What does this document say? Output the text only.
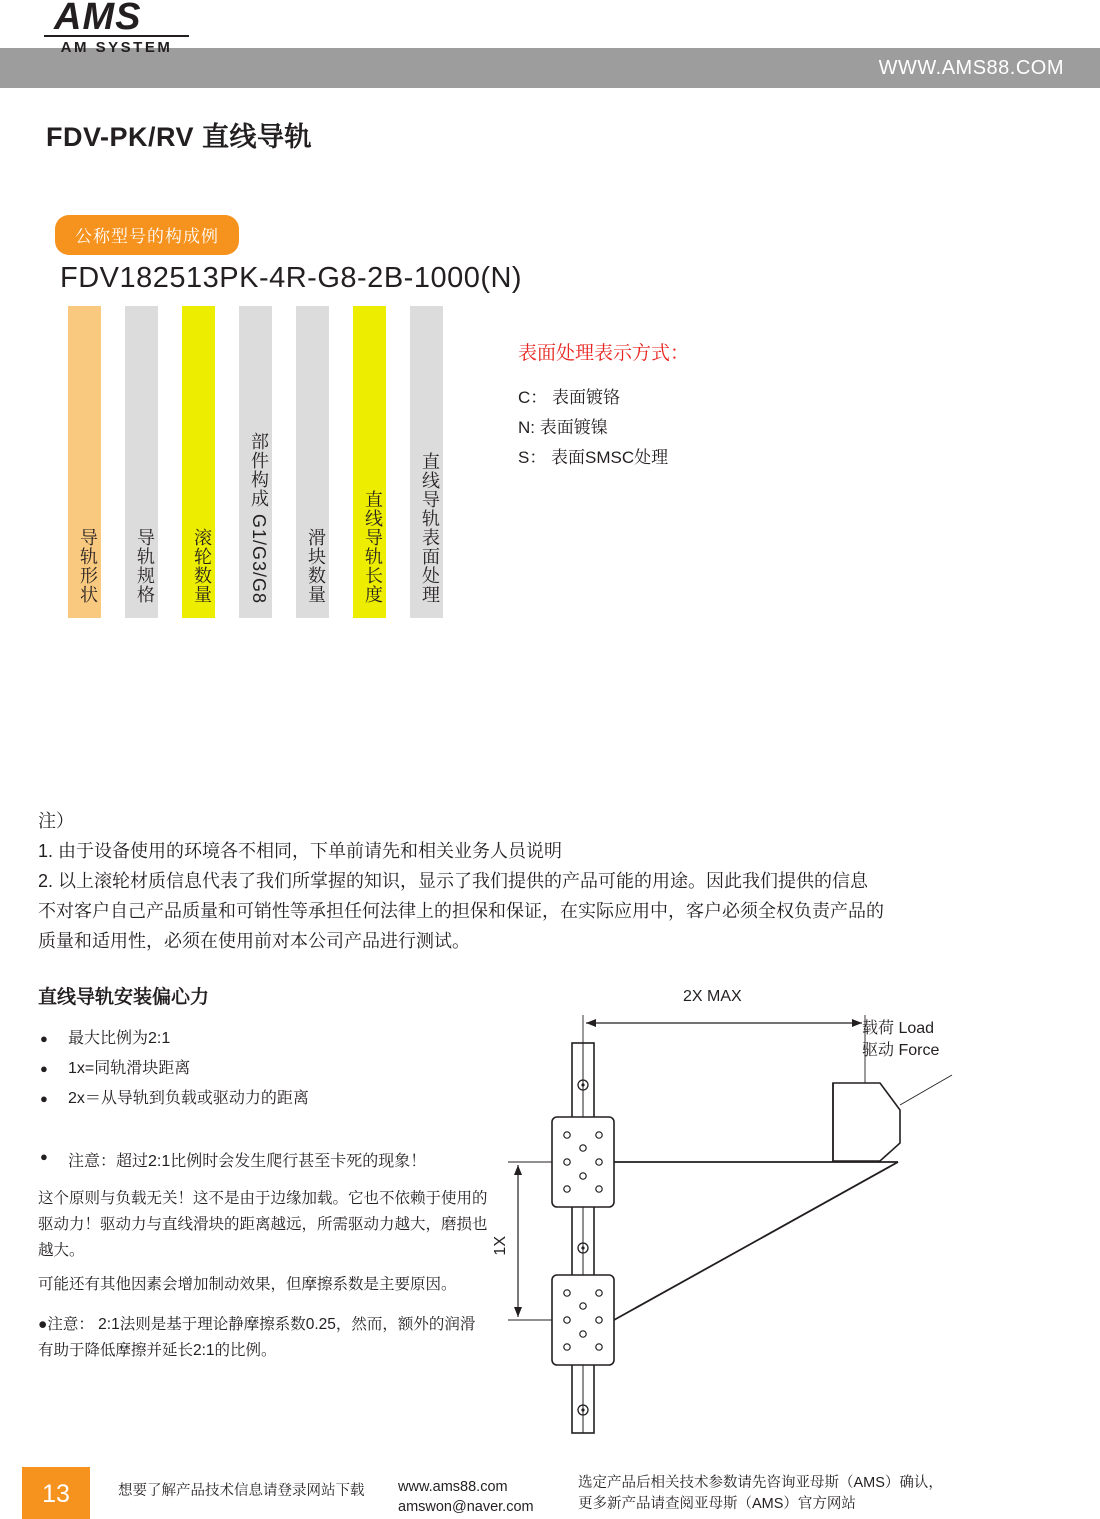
WWW.AMS88.COM
AMS
AM SYSTEM
FDV-PK/RV 直线导轨
公称型号的构成例
FDV182513PK-4R-G8-2B-1000(N)
导轨形状	导轨规格	滚轮数量	部件构成 G1/G3/G8	滑块数量	直线导轨长度	直线导轨表面处理
表面处理表示方式：
C： 表面镀铬
N: 表面镀镍
S： 表面SMSC处理
注）
1. 由于设备使用的环境各不相同，下单前请先和相关业务人员说明
2. 以上滚轮材质信息代表了我们所掌握的知识，显示了我们提供的产品可能的用途。因此我们提供的信息
不对客户自己产品质量和可销性等承担任何法律上的担保和保证，在实际应用中，客户必须全权负责产品的
质量和适用性，必须在使用前对本公司产品进行测试。
直线导轨安装偏心力
● 最大比例为2:1
● 1x=同轨滑块距离
● 2x＝从导轨到负载或驱动力的距离
● 注意：超过2:1比例时会发生爬行甚至卡死的现象！
这个原则与负载无关！这不是由于边缘加载。它也不依赖于使用的驱动力！驱动力与直线滑块的距离越远，所需驱动力越大，磨损也越大。
可能还有其他因素会增加制动效果，但摩擦系数是主要原因。
●注意： 2:1法则是基于理论静摩擦系数0.25，然而，额外的润滑有助于降低摩擦并延长2:1的比例。
2X MAX
1X
载荷 Load
驱动 Force
13	想要了解产品技术信息请登录网站下载 www.ams88.com
amswon@naver.com
选定产品后相关技术参数请先咨询亚母斯（AMS）确认，
更多新产品请查阅亚母斯（AMS）官方网站
